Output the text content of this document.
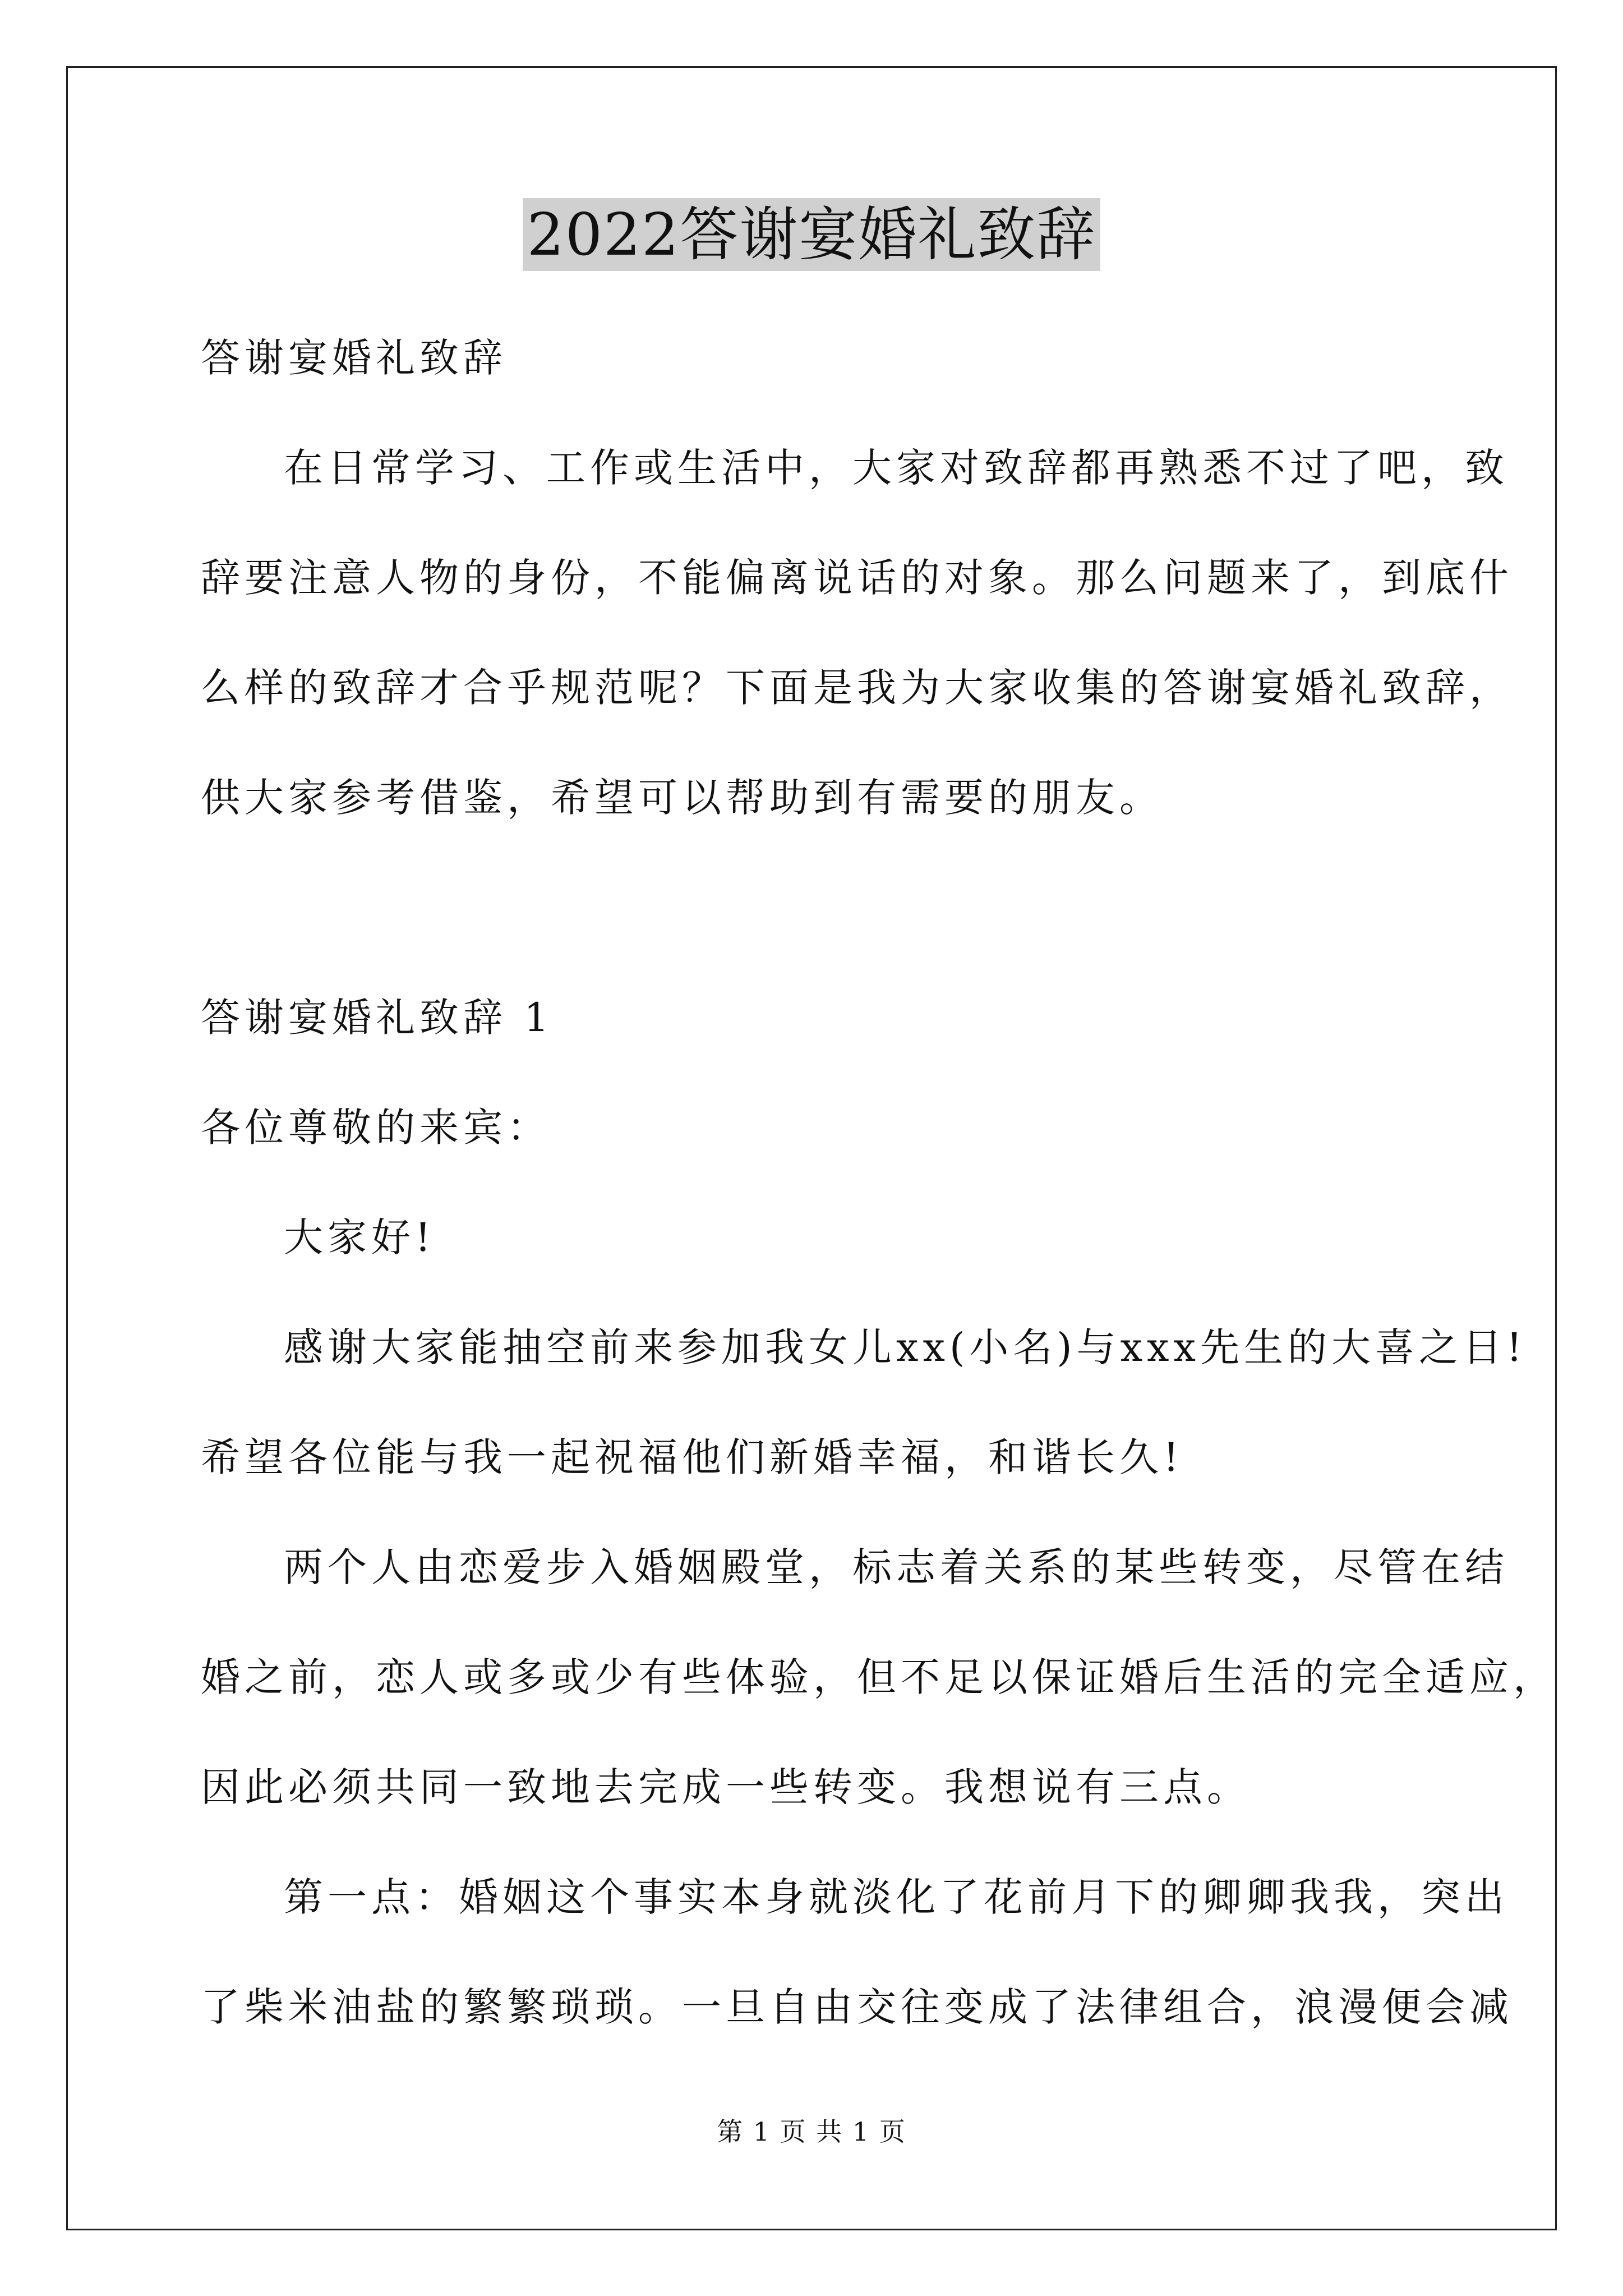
2022答谢宴婚礼致辞
答谢宴婚礼致辞
在日常学习、工作或生活中，大家对致辞都再熟悉不过了吧，致
辞要注意人物的身份，不能偏离说话的对象。那么问题来了，到底什
么样的致辞才合乎规范呢？下面是我为大家收集的答谢宴婚礼致辞，
供大家参考借鉴，希望可以帮助到有需要的朋友。
答谢宴婚礼致辞 1
各位尊敬的来宾：
大家好!
感谢大家能抽空前来参加我女儿xx(小名)与xxx先生的大喜之日!
希望各位能与我一起祝福他们新婚幸福，和谐长久!
两个人由恋爱步入婚姻殿堂，标志着关系的某些转变，尽管在结
婚之前，恋人或多或少有些体验，但不足以保证婚后生活的完全适应，
因此必须共同一致地去完成一些转变。我想说有三点。
第一点：婚姻这个事实本身就淡化了花前月下的卿卿我我，突出
了柴米油盐的繁繁琐琐。一旦自由交往变成了法律组合，浪漫便会减
第 1 页 共 1 页
